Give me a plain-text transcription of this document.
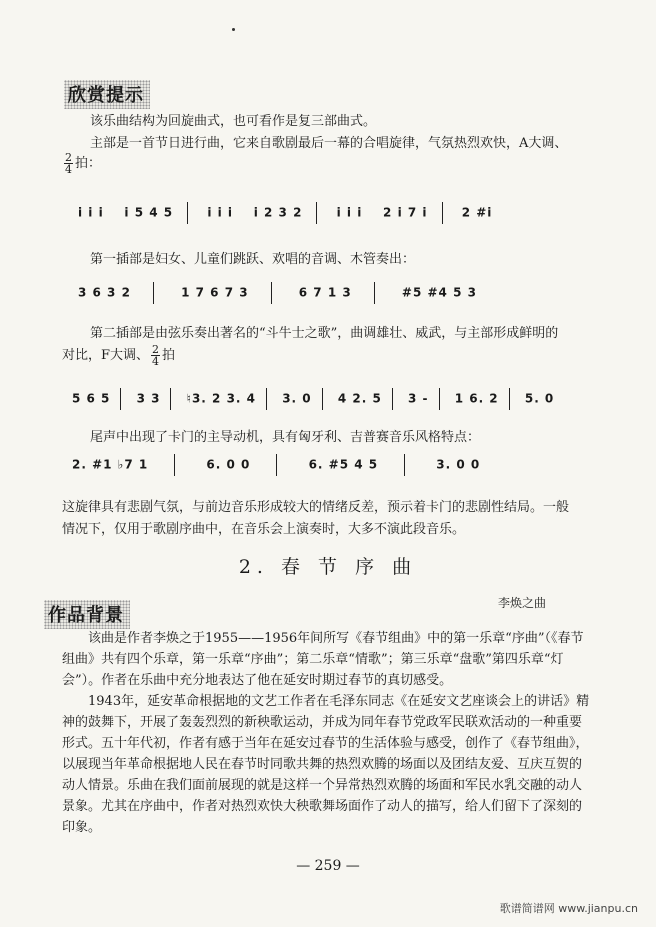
欣赏提示
该乐曲结构为回旋曲式，也可看作是复三部曲式。
主部是一首节日进行曲，它来自歌剧最后一幕的合唱旋律，气氛热烈欢快，A大调、
$\frac{2}{4}$ 拍：
i i i i 5 4 5	i i i i 2 3 2	i i i 2 i 7 i	2 #i
第一插部是妇女、儿童们跳跃、欢唱的音调、木管奏出：
3 6 3 2	1 7 6 7 3	6 7 1 3	#5 #4 5 3
第二插部是由弦乐奏出著名的“斗牛士之歌”，曲调雄壮、威武，与主部形成鲜明的
对比，F大调、 $\frac{2}{4}$ 拍
5 6 5 3 3 ♮3. 2 3. 4 3. 0 4 2. 5 3 - 1 6. 2 5. 0
尾声中出现了卡门的主导动机，具有匈牙利、吉普赛音乐风格特点：
2. #1 ♭7 1	6. 0 0	6. #5 4 5	3. 0 0
这旋律具有悲剧气氛，与前边音乐形成较大的情绪反差，预示着卡门的悲剧性结局。一般
情况下，仅用于歌剧序曲中，在音乐会上演奏时，大多不演此段音乐。
2. 春 节 序 曲
李焕之曲
作品背景
该曲是作者李焕之于1955——1956年间所写《春节组曲》中的第一乐章“序曲”（《春节组曲》共有四个乐章，第一乐章“序曲”；第二乐章“情歌”；第三乐章“盘歌”第四乐章“灯会”）。作者在乐曲中充分地表达了他在延安时期过春节的真切感受。
1943年，延安革命根据地的文艺工作者在毛泽东同志《在延安文艺座谈会上的讲话》精神的鼓舞下，开展了轰轰烈烈的新秧歌运动，并成为同年春节党政军民联欢活动的一种重要形式。五十年代初，作者有感于当年在延安过春节的生活体验与感受，创作了《春节组曲》，以展现当年革命根据地人民在春节时同歌共舞的热烈欢腾的场面以及团结友爱、互庆互贺的动人情景。乐曲在我们面前展现的就是这样一个异常热烈欢腾的场面和军民水乳交融的动人景象。尤其在序曲中，作者对热烈欢快大秧歌舞场面作了动人的描写，给人们留下了深刻的印象。
— 259 —
歌谱简谱网 www.jianpu.cn
